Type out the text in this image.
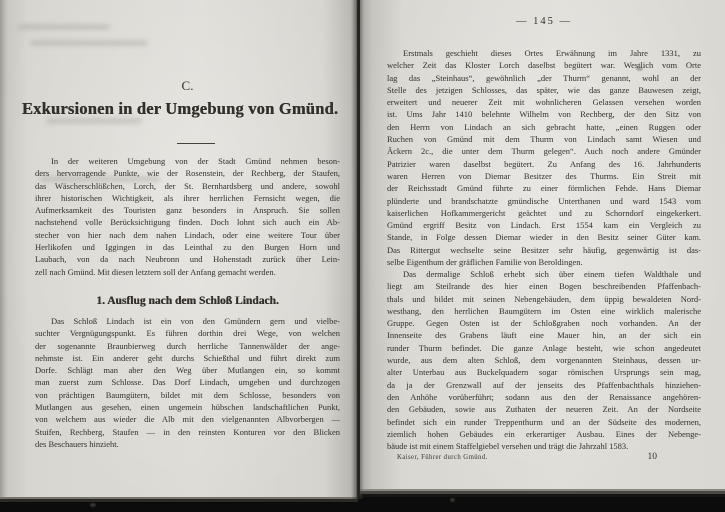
C.
Exkursionen in der Umgebung von Gmünd.
In der weiteren Umgebung von der Stadt Gmünd nehmen beson-
ders hervorragende Punkte, wie der Rosenstein, der Rechberg, der Staufen,
das Wäscherschlößchen, Lorch, der St. Bernhardsberg und andere, sowohl
ihrer historischen Wichtigkeit, als ihrer herrlichen Fernsicht wegen, die
Aufmerksamkeit des Touristen ganz besonders in Anspruch. Sie sollen
nachstehend volle Berücksichtigung finden. Doch lohnt sich auch ein Ab-
stecher von hier nach dem nahen Lindach, oder eine weitere Tour über
Herlikofen und Iggingen in das Leinthal zu den Burgen Horn und
Laubach, von da nach Neubronn und Hohenstadt zurück über Lein-
zell nach Gmünd. Mit diesen letztern soll der Anfang gemacht werden.
1. Ausflug nach dem Schloß Lindach.
Das Schloß Lindach ist ein von den Gmündern gern und vielbe-
suchter Vergnügungspunkt. Es führen dorthin drei Wege, von welchen
der sogenannte Braunbierweg durch herrliche Tannenwälder der ange-
nehmste ist. Ein anderer geht durchs Schießthal und führt direkt zum
Dorfe. Schlägt man aber den Weg über Mutlangen ein, so kommt
man zuerst zum Schlosse. Das Dorf Lindach, umgeben und durchzogen
von prächtigen Baumgütern, bildet mit dem Schlosse, besonders von
Mutlangen aus gesehen, einen ungemein hübschen landschaftlichen Punkt,
von welchem aus wieder die Alb mit den vielgenannten Albvorbergen —
Stuifen, Rechberg, Staufen — in den reinsten Konturen vor den Blicken
des Beschauers hinzieht.
— 145 —
Erstmals geschieht dieses Ortes Erwähnung im Jahre 1331, zu
welcher Zeit das Kloster Lorch daselbst begütert war. Westlich vom Orte
lag das „Steinhaus“, gewöhnlich „der Thurm“ genannt, wohl an der
Stelle des jetzigen Schlosses, das später, wie das ganze Bauwesen zeigt,
erweitert und neuerer Zeit mit wohnlicheren Gelassen versehen worden
ist. Ums Jahr 1410 belehnte Wilhelm von Rechberg, der den Sitz von
den Herrn von Lindach an sich gebracht hatte, „einen Ruggen oder
Ruchen von Gmünd mit dem Thurm von Lindach samt Wiesen und
Äckern 2c., die unter dem Thurm gelegen“. Auch noch andere Gmünder
Patrizier waren daselbst begütert. Zu Anfang des 16. Jahrhunderts
waren Herren von Diemar Besitzer des Thurms. Ein Streit mit
der Reichsstadt Gmünd führte zu einer förmlichen Fehde. Hans Diemar
plünderte und brandschatzte gmündische Unterthanen und ward 1543 vom
kaiserlichen Hofkammergericht geächtet und zu Schorndorf eingekerkert.
Gmünd ergriff Besitz von Lindach. Erst 1554 kam ein Vergleich zu
Stande, in Folge dessen Diemar wieder in den Besitz seiner Güter kam.
Das Rittergut wechselte seine Besitzer sehr häufig, gegenwärtig ist das-
selbe Eigenthum der gräflichen Familie von Beroldingen.
Das dermalige Schloß erhebt sich über einem tiefen Waldthale und
liegt am Steilrande des hier einen Bogen beschreibenden Pfaffenbach-
thals und bildet mit seinen Nebengebäuden, dem üppig bewaldeten Nord-
westhang, den herrlichen Baumgütern im Osten eine wirklich malerische
Gruppe. Gegen Osten ist der Schloßgraben noch vorhanden. An der
Innenseite des Grabens läuft eine Mauer hin, an der sich ein
runder Thurm befindet. Die ganze Anlage besteht, wie schon angedeutet
wurde, aus dem alten Schloß, dem vorgenannten Steinhaus, dessen ur-
alter Unterbau aus Buckelquadern sogar römischen Ursprungs sein mag,
da ja der Grenzwall auf der jenseits des Pfaffenbachthals hinziehen-
den Anhöhe vorüberführt; sodann aus den der Renaissance angehören-
den Gebäuden, sowie aus Zuthaten der neueren Zeit. An der Nordseite
befindet sich ein runder Treppenthurm und an der Südseite des modernen,
ziemlich hohen Gebäudes ein erkerartiger Ausbau. Eines der Nebenge-
bäude ist mit einem Staffelgiebel versehen und trägt die Jahrzahl 1583.
Kaiser, Führer durch Gmünd.	10
